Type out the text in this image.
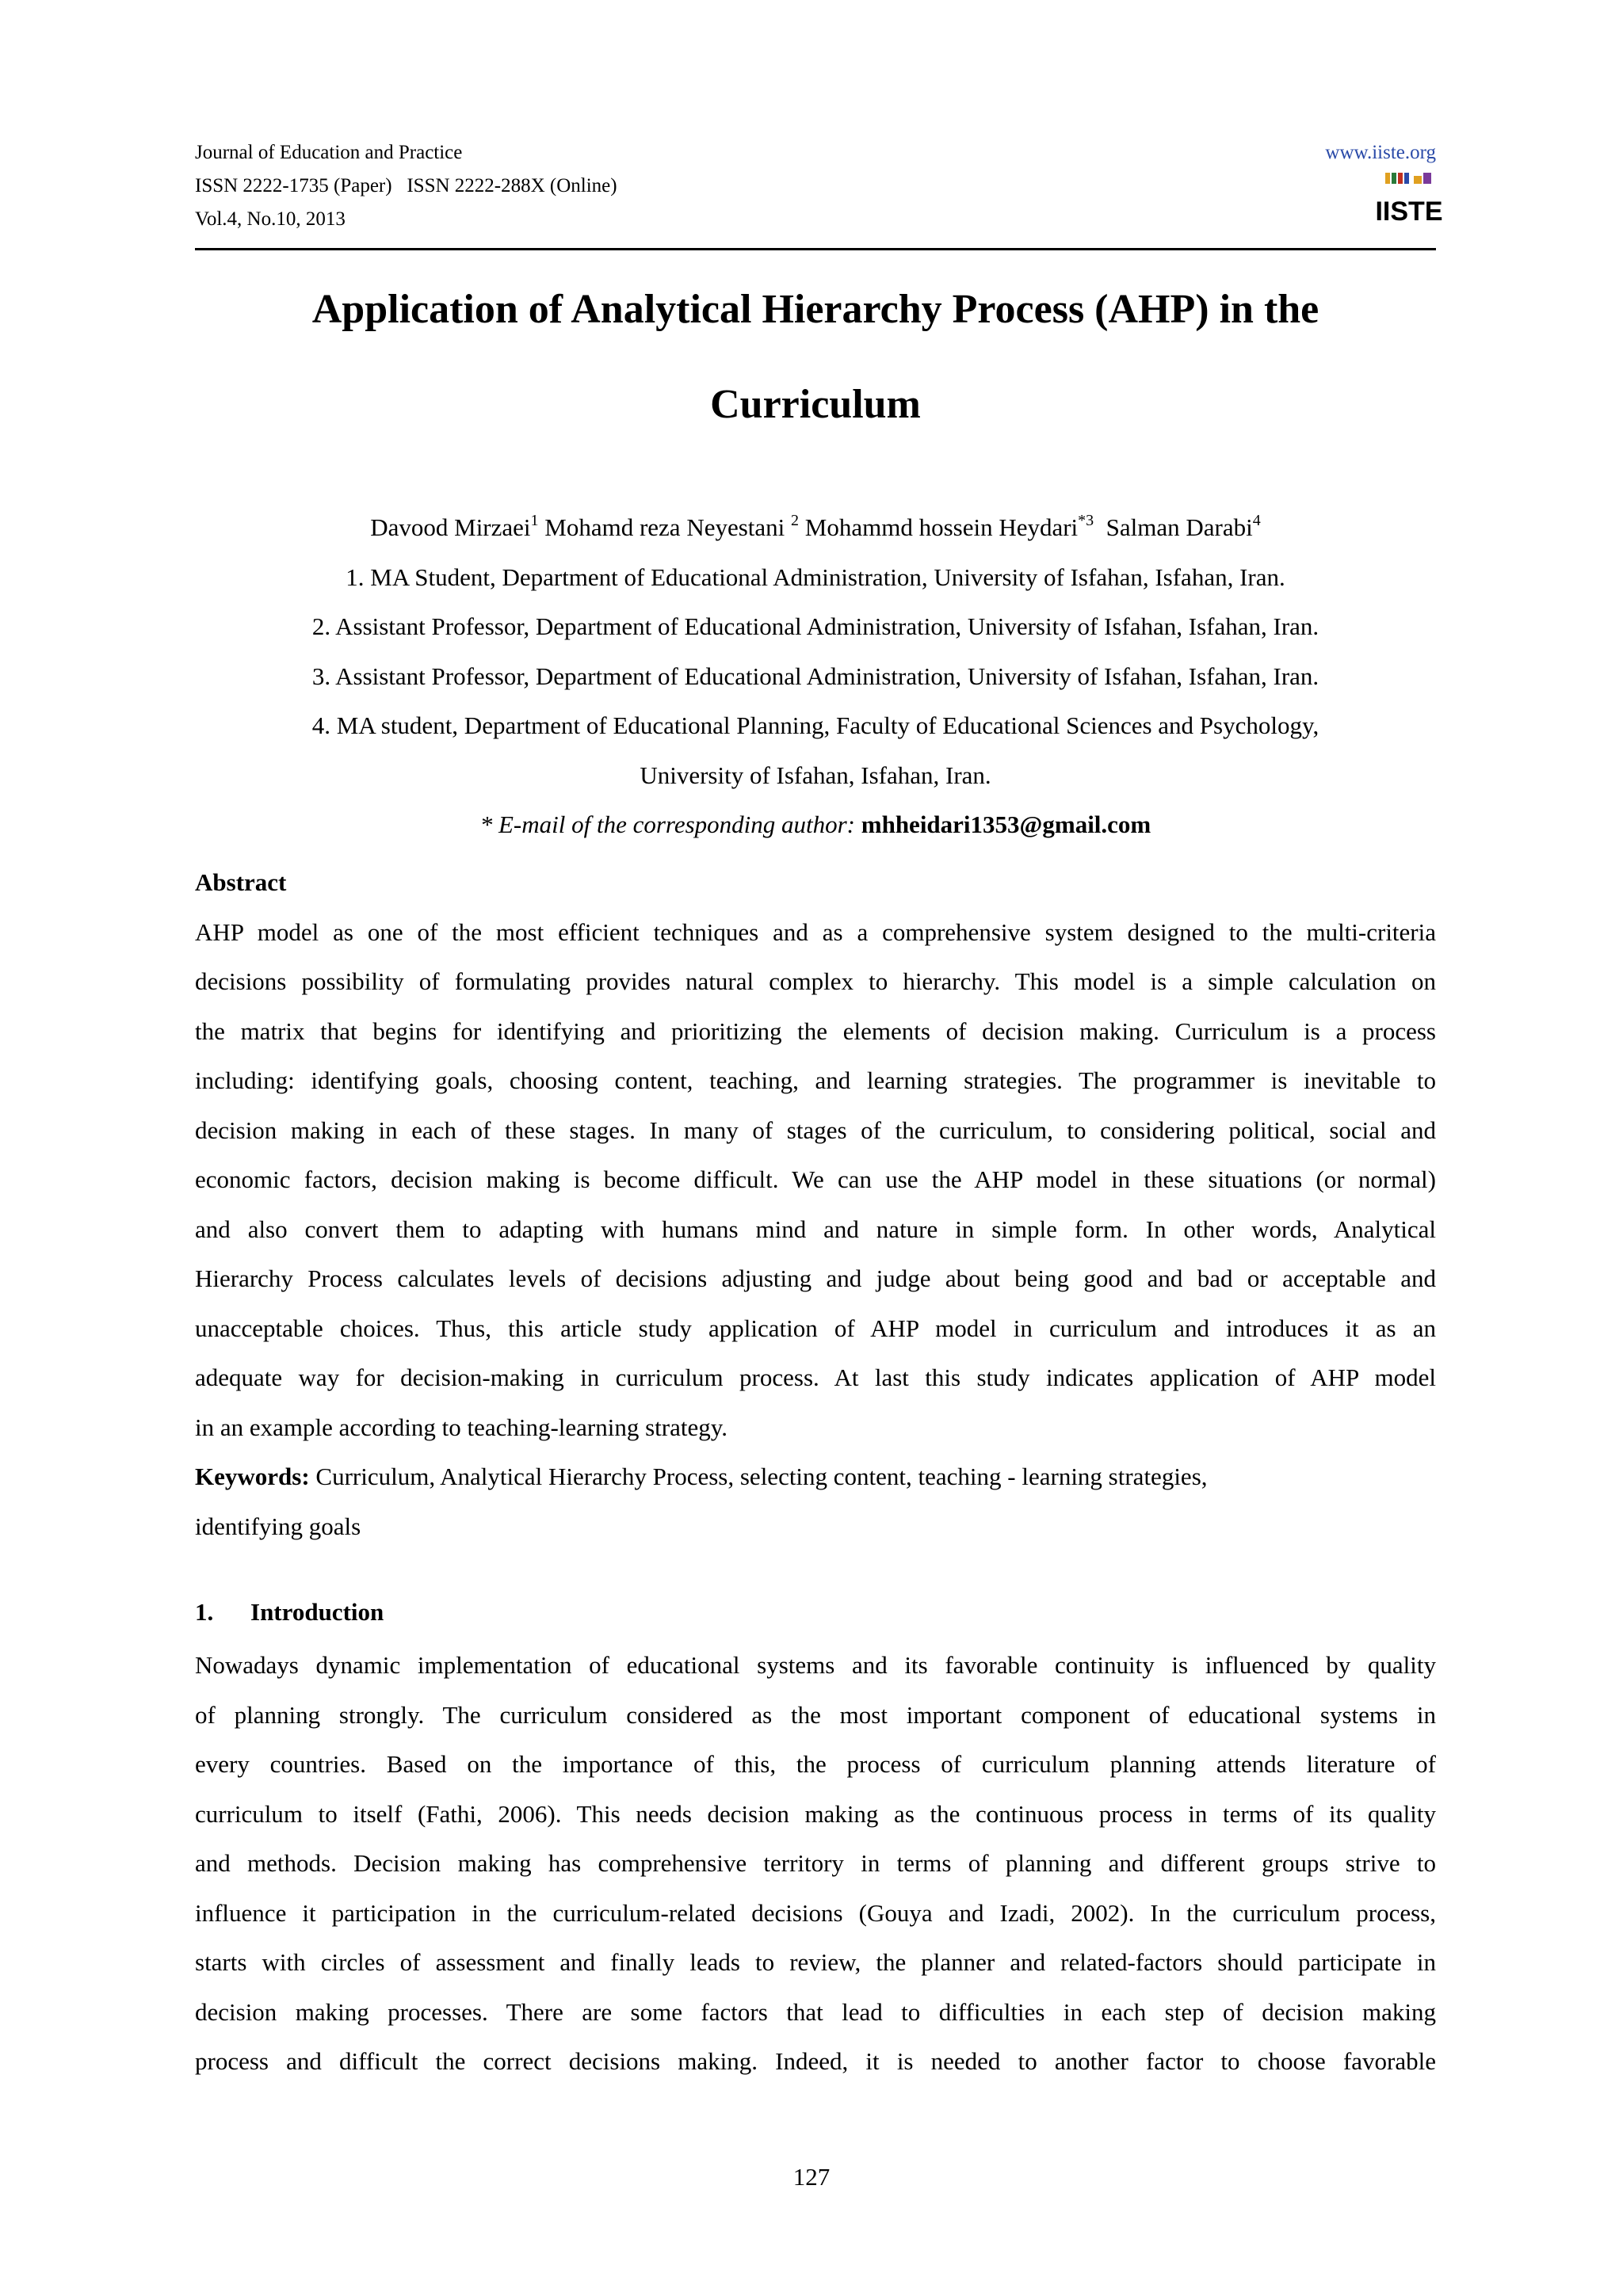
Journal of Education and Practice
ISSN 2222-1735 (Paper)   ISSN 2222-288X (Online)
Vol.4, No.10, 2013
www.iiste.org
IISTE
Application of Analytical Hierarchy Process (AHP) in the
Curriculum
Davood Mirzaei$^1$ Mohamd reza Neyestani $^2$ Mohammd hossein Heydari$^{*3}$ Salman Darabi$^4$
1. MA Student, Department of Educational Administration, University of Isfahan, Isfahan, Iran.
2. Assistant Professor, Department of Educational Administration, University of Isfahan, Isfahan, Iran.
3. Assistant Professor, Department of Educational Administration, University of Isfahan, Isfahan, Iran.
4. MA student, Department of Educational Planning, Faculty of Educational Sciences and Psychology,
University of Isfahan, Isfahan, Iran.
* E-mail of the corresponding author: mhheidari1353@gmail.com
Abstract
AHP model as one of the most efficient techniques and as a comprehensive system designed to the multi-criteria
decisions possibility of formulating provides natural complex to hierarchy. This model is a simple calculation on
the matrix that begins for identifying and prioritizing the elements of decision making. Curriculum is a process
including: identifying goals, choosing content, teaching, and learning strategies. The programmer is inevitable to
decision making in each of these stages. In many of stages of the curriculum, to considering political, social and
economic factors, decision making is become difficult. We can use the AHP model in these situations (or normal)
and also convert them to adapting with humans mind and nature in simple form. In other words, Analytical
Hierarchy Process calculates levels of decisions adjusting and judge about being good and bad or acceptable and
unacceptable choices. Thus, this article study application of AHP model in curriculum and introduces it as an
adequate way for decision-making in curriculum process. At last this study indicates application of AHP model
in an example according to teaching-learning strategy.
Keywords: Curriculum, Analytical Hierarchy Process, selecting content, teaching - learning strategies,
identifying goals
1. Introduction
Nowadays dynamic implementation of educational systems and its favorable continuity is influenced by quality
of planning strongly. The curriculum considered as the most important component of educational systems in
every countries. Based on the importance of this, the process of curriculum planning attends literature of
curriculum to itself (Fathi, 2006). This needs decision making as the continuous process in terms of its quality
and methods. Decision making has comprehensive territory in terms of planning and different groups strive to
influence it participation in the curriculum-related decisions (Gouya and Izadi, 2002). In the curriculum process,
starts with circles of assessment and finally leads to review, the planner and related-factors should participate in
decision making processes. There are some factors that lead to difficulties in each step of decision making
process and difficult the correct decisions making. Indeed, it is needed to another factor to choose favorable
127
